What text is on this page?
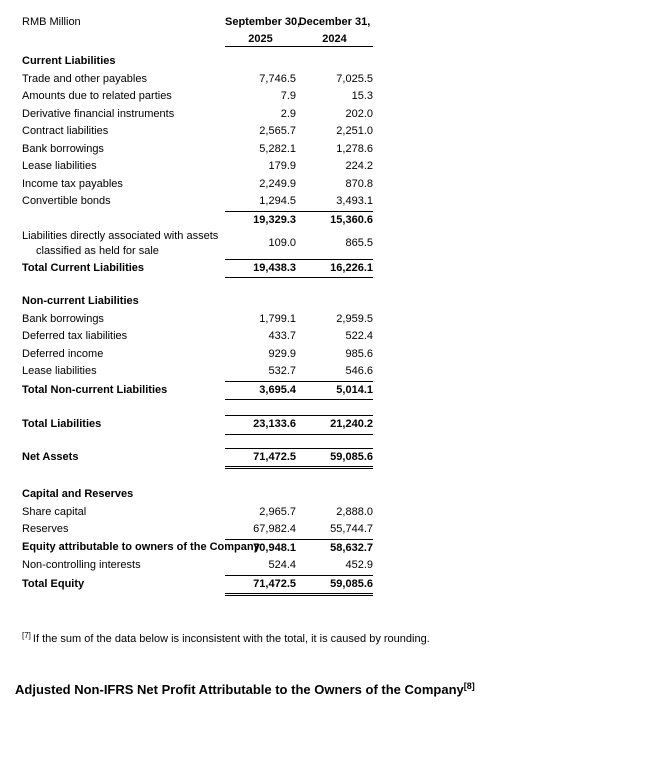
RMB Million	September 30,	December 31,
	2025	2024

Current Liabilities		
Trade and other payables	7,746.5	7,025.5
Amounts due to related parties	7.9	15.3
Derivative financial instruments	2.9	202.0
Contract liabilities	2,565.7	2,251.0
Bank borrowings	5,282.1	1,278.6
Lease liabilities	179.9	224.2
Income tax payables	2,249.9	870.8
Convertible bonds	1,294.5	3,493.1
	19,329.3	15,360.6

Liabilities directly associated with assets
classified as held for sale	109.0	865.5
Total Current Liabilities	19,438.3	16,226.1

Non-current Liabilities		
Bank borrowings	1,799.1	2,959.5
Deferred tax liabilities	433.7	522.4
Deferred income	929.9	985.6
Lease liabilities	532.7	546.6
Total Non-current Liabilities	3,695.4	5,014.1

Total Liabilities	23,133.6	21,240.2

Net Assets	71,472.5	59,085.6

Capital and Reserves		
Share capital	2,965.7	2,888.0
Reserves	67,982.4	55,744.7
Equity attributable to owners of the Company	70,948.1	58,632.7
Non-controlling interests	524.4	452.9
Total Equity	71,472.5	59,085.6
[7] If the sum of the data below is inconsistent with the total, it is caused by rounding.
Adjusted Non-IFRS Net Profit Attributable to the Owners of the Company[8]
